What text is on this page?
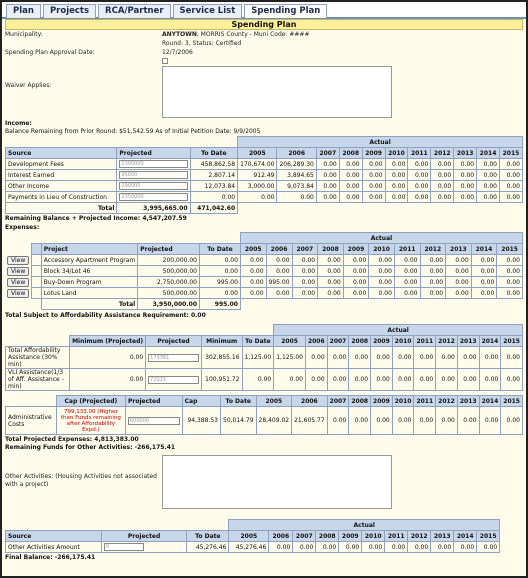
Plan	Projects	RCA/Partner	Service List	Spending Plan
Spending Plan
Municipality:	ANYTOWN, MORRIS County - Muni Code: ####
Round: 3, Status: Certified
Spending Plan Approval Date:	12/7/2006
Waiver Applies:
Income:
Balance Remaining from Prior Round: $51,542.59 As of Initial Petition Date: 9/9/2005
			Actual										
Source	Projected	To Date	2005	2006	2007	2008	2009	2010	2011	2012	2013	2014	2015
Development Fees	1300000	458,862.58	170,674.00	206,289.30	0.00	0.00	0.00	0.00	0.00	0.00	0.00	0.00	0.00
Interest Earned	95000	2,807.14	912.49	3,894.65	0.00	0.00	0.00	0.00	0.00	0.00	0.00	0.00	0.00
Other Income	290000	12,073.84	3,000.00	9,073.84	0.00	0.00	0.00	0.00	0.00	0.00	0.00	0.00	0.00
Payments in Lieu of Construction	2350000	0.00	0.00	0.00	0.00	0.00	0.00	0.00	0.00	0.00	0.00	0.00	0.00
Total	3,995,665.00	471,042.60											
Remaining Balance + Projected Income: 4,547,207.59
Expenses:
					Actual										
		Project	Projected	To Date	2005	2006	2007	2008	2009	2010	2011	2012	2013	2014	2015
View		Accessory Apartment Program	200,000.00	0.00	0.00	0.00	0.00	0.00	0.00	0.00	0.00	0.00	0.00	0.00	0.00
View		Block 34/Lot 46	500,000.00	0.00	0.00	0.00	0.00	0.00	0.00	0.00	0.00	0.00	0.00	0.00	0.00
View		Buy-Down Program	2,750,000.00	995.00	0.00	995.00	0.00	0.00	0.00	0.00	0.00	0.00	0.00	0.00	0.00
View		Lotus Land	500,000.00	0.00	0.00	0.00	0.00	0.00	0.00	0.00	0.00	0.00	0.00	0.00	0.00
		Total	3,950,000.00	995.00											
Total Subject to Affordability Assistance Requirement: 0.00
					Actual										
	Minimum (Projected)	Projected	Minimum	To Date	2005	2006	2007	2008	2009	2010	2011	2012	2013	2014	2015
Total Affordability Assistance (30% min)	0.00	173381	302,855.16	1,125.00	1,125.00	0.00	0.00	0.00	0.00	0.00	0.00	0.00	0.00	0.00	0.00
VLI Assistance(1/3 of Aff. Assistance - min)	0.00	72015	100,951.72	0.00	0.00	0.00	0.00	0.00	0.00	0.00	0.00	0.00	0.00	0.00	0.00
	Cap (Projected)	Projected	Cap	To Date	2005	2006	2007	2008	2009	2010	2011	2012	2013	2014	2015
Administrative Costs	799,133.00 (Higher than Funds remaining after Affordability Expd.)	600000	94,388.53	50,014.79	28,409.02	21,605.77	0.00	0.00	0.00	0.00	0.00	0.00	0.00	0.00	0.00
Total Projected Expenses: 4,813,383.00
Remaining Funds for Other Activities: -266,175.41
Other Activities: (Housing Activities not associated with a project)
			Actual										
Source	Projected	To Date	2005	2006	2007	2008	2009	2010	2011	2012	2013	2014	2015
Other Activities Amount	0	45,276.46	45,276.46	0.00	0.00	0.00	0.00	0.00	0.00	0.00	0.00	0.00	0.00
Final Balance: -266,175.41
